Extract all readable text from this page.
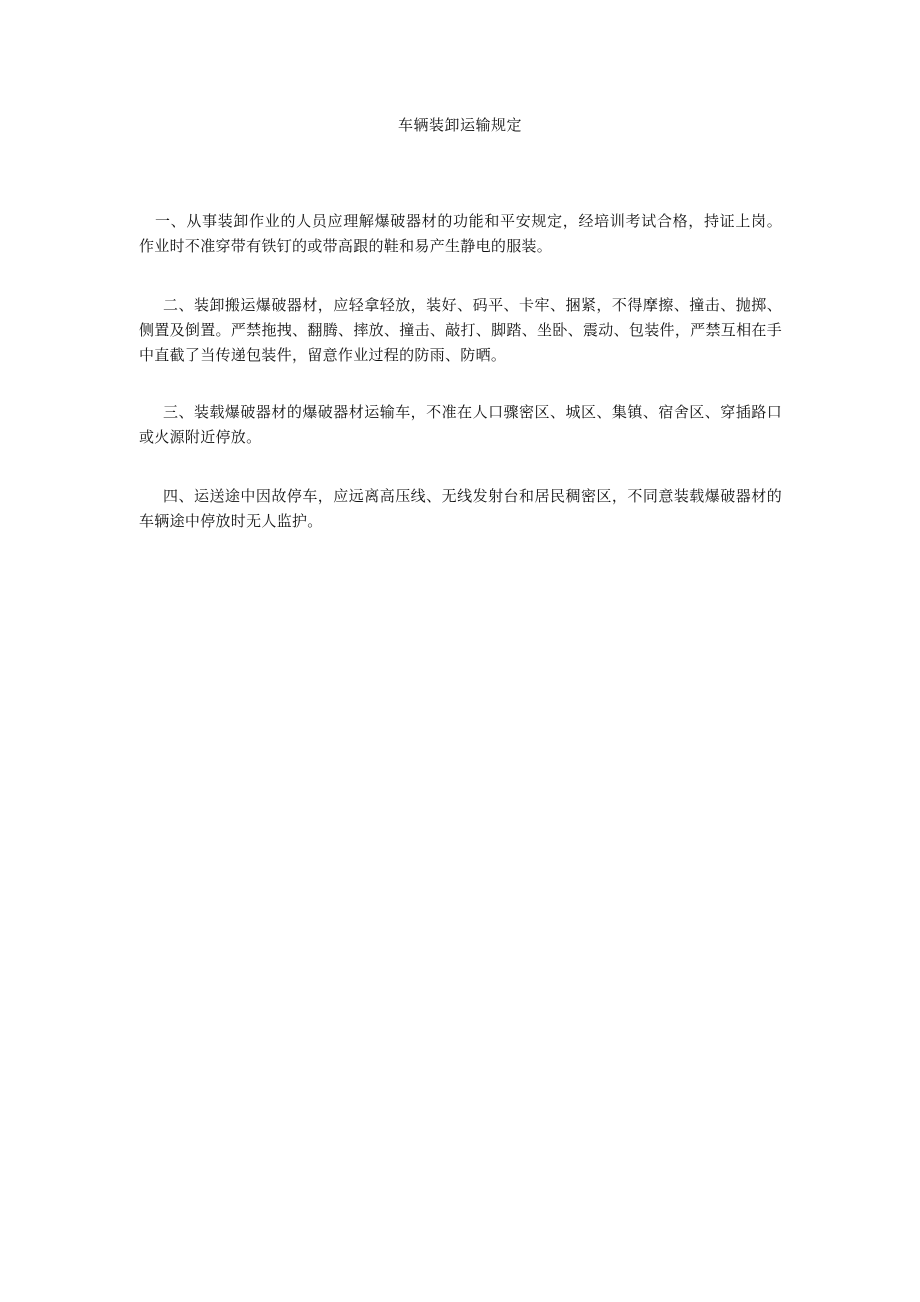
车辆装卸运输规定

一、从事装卸作业的人员应理解爆破器材的功能和平安规定，经培训考试合格，持证上岗。作业时不准穿带有铁钉的或带高跟的鞋和易产生静电的服装。

二、装卸搬运爆破器材，应轻拿轻放，装好、码平、卡牢、捆紧，不得摩擦、撞击、抛掷、侧置及倒置。严禁拖拽、翻腾、摔放、撞击、敲打、脚踏、坐卧、震动、包装件，严禁互相在手中直截了当传递包装件，留意作业过程的防雨、防晒。

三、装载爆破器材的爆破器材运输车，不准在人口骤密区、城区、集镇、宿舍区、穿插路口或火源附近停放。

四、运送途中因故停车，应远离高压线、无线发射台和居民稠密区，不同意装载爆破器材的车辆途中停放时无人监护。
